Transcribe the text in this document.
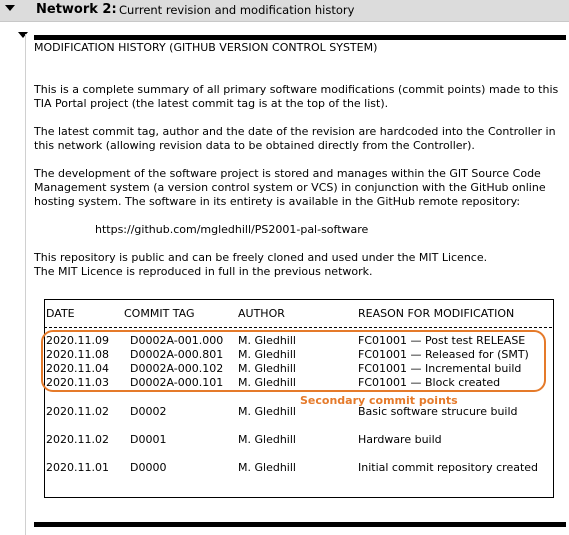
Network 2: Current revision and modification history
MODIFICATION HISTORY (GITHUB VERSION CONTROL SYSTEM)
This is a complete summary of all primary software modifications (commit points) made to this
TIA Portal project (the latest commit tag is at the top of the list).
The latest commit tag, author and the date of the revision are hardcoded into the Controller in
this network (allowing revision data to be obtained directly from the Controller).
The development of the software project is stored and manages within the GIT Source Code
Management system (a version control system or VCS) in conjunction with the GitHub online
hosting system. The software in its entirety is available in the GitHub remote repository:
https://github.com/mgledhill/PS2001-pal-software
This repository is public and can be freely cloned and used under the MIT Licence.
The MIT Licence is reproduced in full in the previous network.
DATE	COMMIT TAG	AUTHOR	REASON FOR MODIFICATION
2020.11.09 D0002A-001.000 M. Gledhill	FC01001 — Post test RELEASE
2020.11.08 D0002A-000.801 M. Gledhill	FC01001 — Released for (SMT)
2020.11.04 D0002A-000.102 M. Gledhill	FC01001 — Incremental build
2020.11.03 D0002A-000.101 M. Gledhill	FC01001 — Block created
Secondary commit points
2020.11.02 D0002	M. Gledhill	Basic software strucure build
2020.11.02 D0001	M. Gledhill	Hardware build
2020.11.01 D0000	M. Gledhill	Initial commit repository created
